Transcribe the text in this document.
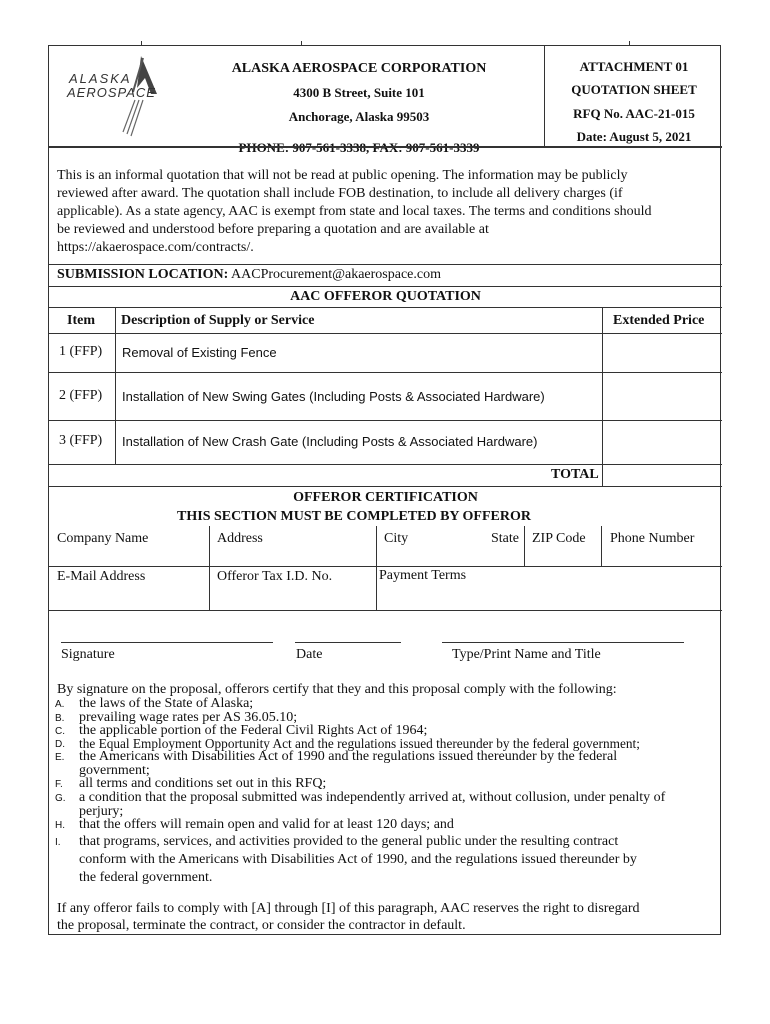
ALASKA
AEROSPACE
ALASKA AEROSPACE CORPORATION
4300 B Street, Suite 101
Anchorage, Alaska 99503
PHONE: 907-561-3338, FAX: 907-561-3339
ATTACHMENT 01
QUOTATION SHEET
RFQ No. AAC-21-015
Date: August 5, 2021
This is an informal quotation that will not be read at public opening. The information may be publicly
reviewed after award. The quotation shall include FOB destination, to include all delivery charges (if
applicable). As a state agency, AAC is exempt from state and local taxes. The terms and conditions should
be reviewed and understood before preparing a quotation and are available at
https://akaerospace.com/contracts/.
SUBMISSION LOCATION: AACProcurement@akaerospace.com
AAC OFFEROR QUOTATION
Item Description of Supply or Service	Extended Price
1 (FFP) Removal of Existing Fence
2 (FFP) Installation of New Swing Gates (Including Posts & Associated Hardware)
3 (FFP) Installation of New Crash Gate (Including Posts & Associated Hardware)
TOTAL
OFFEROR CERTIFICATION
THIS SECTION MUST BE COMPLETED BY OFFEROR
Company Name	Address	City	State ZIP Code Phone Number
E-Mail Address	Offeror Tax I.D. No.	Payment Terms
Signature	Date	Type/Print Name and Title
By signature on the proposal, offerors certify that they and this proposal comply with the following:
A. the laws of the State of Alaska;
B. prevailing wage rates per AS 36.05.10;
C. the applicable portion of the Federal Civil Rights Act of 1964;
D. the Equal Employment Opportunity Act and the regulations issued thereunder by the federal government;
E. the Americans with Disabilities Act of 1990 and the regulations issued thereunder by the federal
government;
F. all terms and conditions set out in this RFQ;
G. a condition that the proposal submitted was independently arrived at, without collusion, under penalty of
perjury;
H. that the offers will remain open and valid for at least 120 days; and
I. that programs, services, and activities provided to the general public under the resulting contract
conform with the Americans with Disabilities Act of 1990, and the regulations issued thereunder by
the federal government.
If any offeror fails to comply with [A] through [I] of this paragraph, AAC reserves the right to disregard
the proposal, terminate the contract, or consider the contractor in default.
